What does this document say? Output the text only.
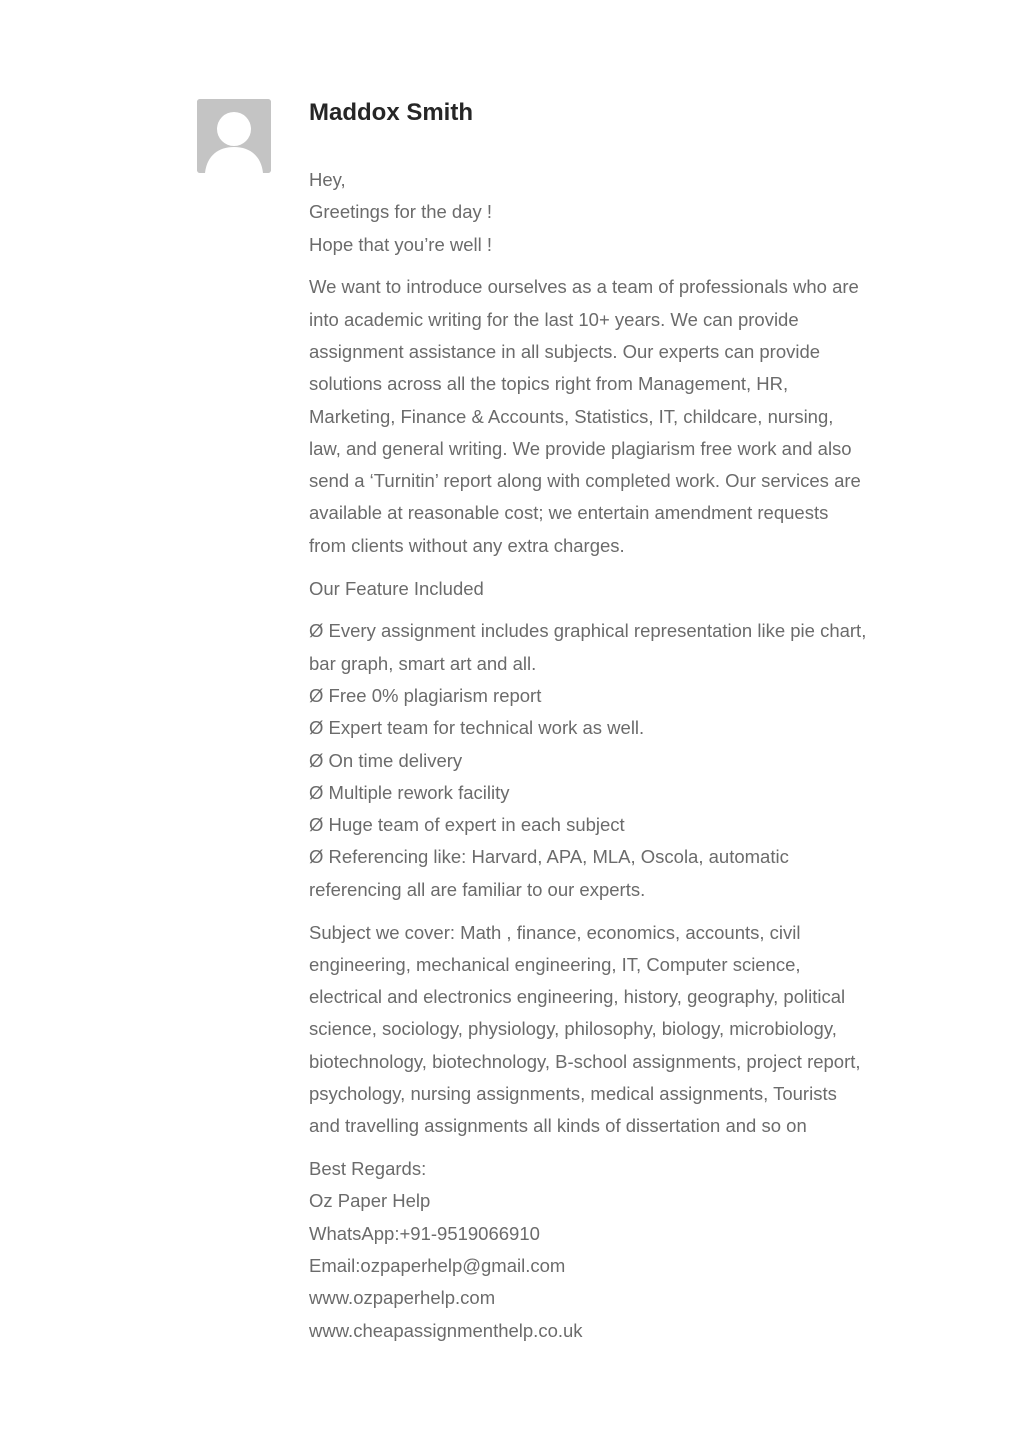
Maddox Smith

Hey,
Greetings for the day !
Hope that you’re well !

We want to introduce ourselves as a team of professionals who are into academic writing for the last 10+ years. We can provide assignment assistance in all subjects. Our experts can provide solutions across all the topics right from Management, HR, Marketing, Finance & Accounts, Statistics, IT, childcare, nursing, law, and general writing. We provide plagiarism free work and also send a ‘Turnitin’ report along with completed work. Our services are available at reasonable cost; we entertain amendment requests from clients without any extra charges.

Our Feature Included

Ø Every assignment includes graphical representation like pie chart, bar graph, smart art and all.
Ø Free 0% plagiarism report
Ø Expert team for technical work as well.
Ø On time delivery
Ø Multiple rework facility
Ø Huge team of expert in each subject
Ø Referencing like: Harvard, APA, MLA, Oscola, automatic referencing all are familiar to our experts.

Subject we cover: Math , finance, economics, accounts, civil engineering, mechanical engineering, IT, Computer science, electrical and electronics engineering, history, geography, political science, sociology, physiology, philosophy, biology, microbiology, biotechnology, biotechnology, B-school assignments, project report, psychology, nursing assignments, medical assignments, Tourists and travelling assignments all kinds of dissertation and so on

Best Regards:
Oz Paper Help
WhatsApp:+91-9519066910
Email:ozpaperhelp@gmail.com
www.ozpaperhelp.com
www.cheapassignmenthelp.co.uk
